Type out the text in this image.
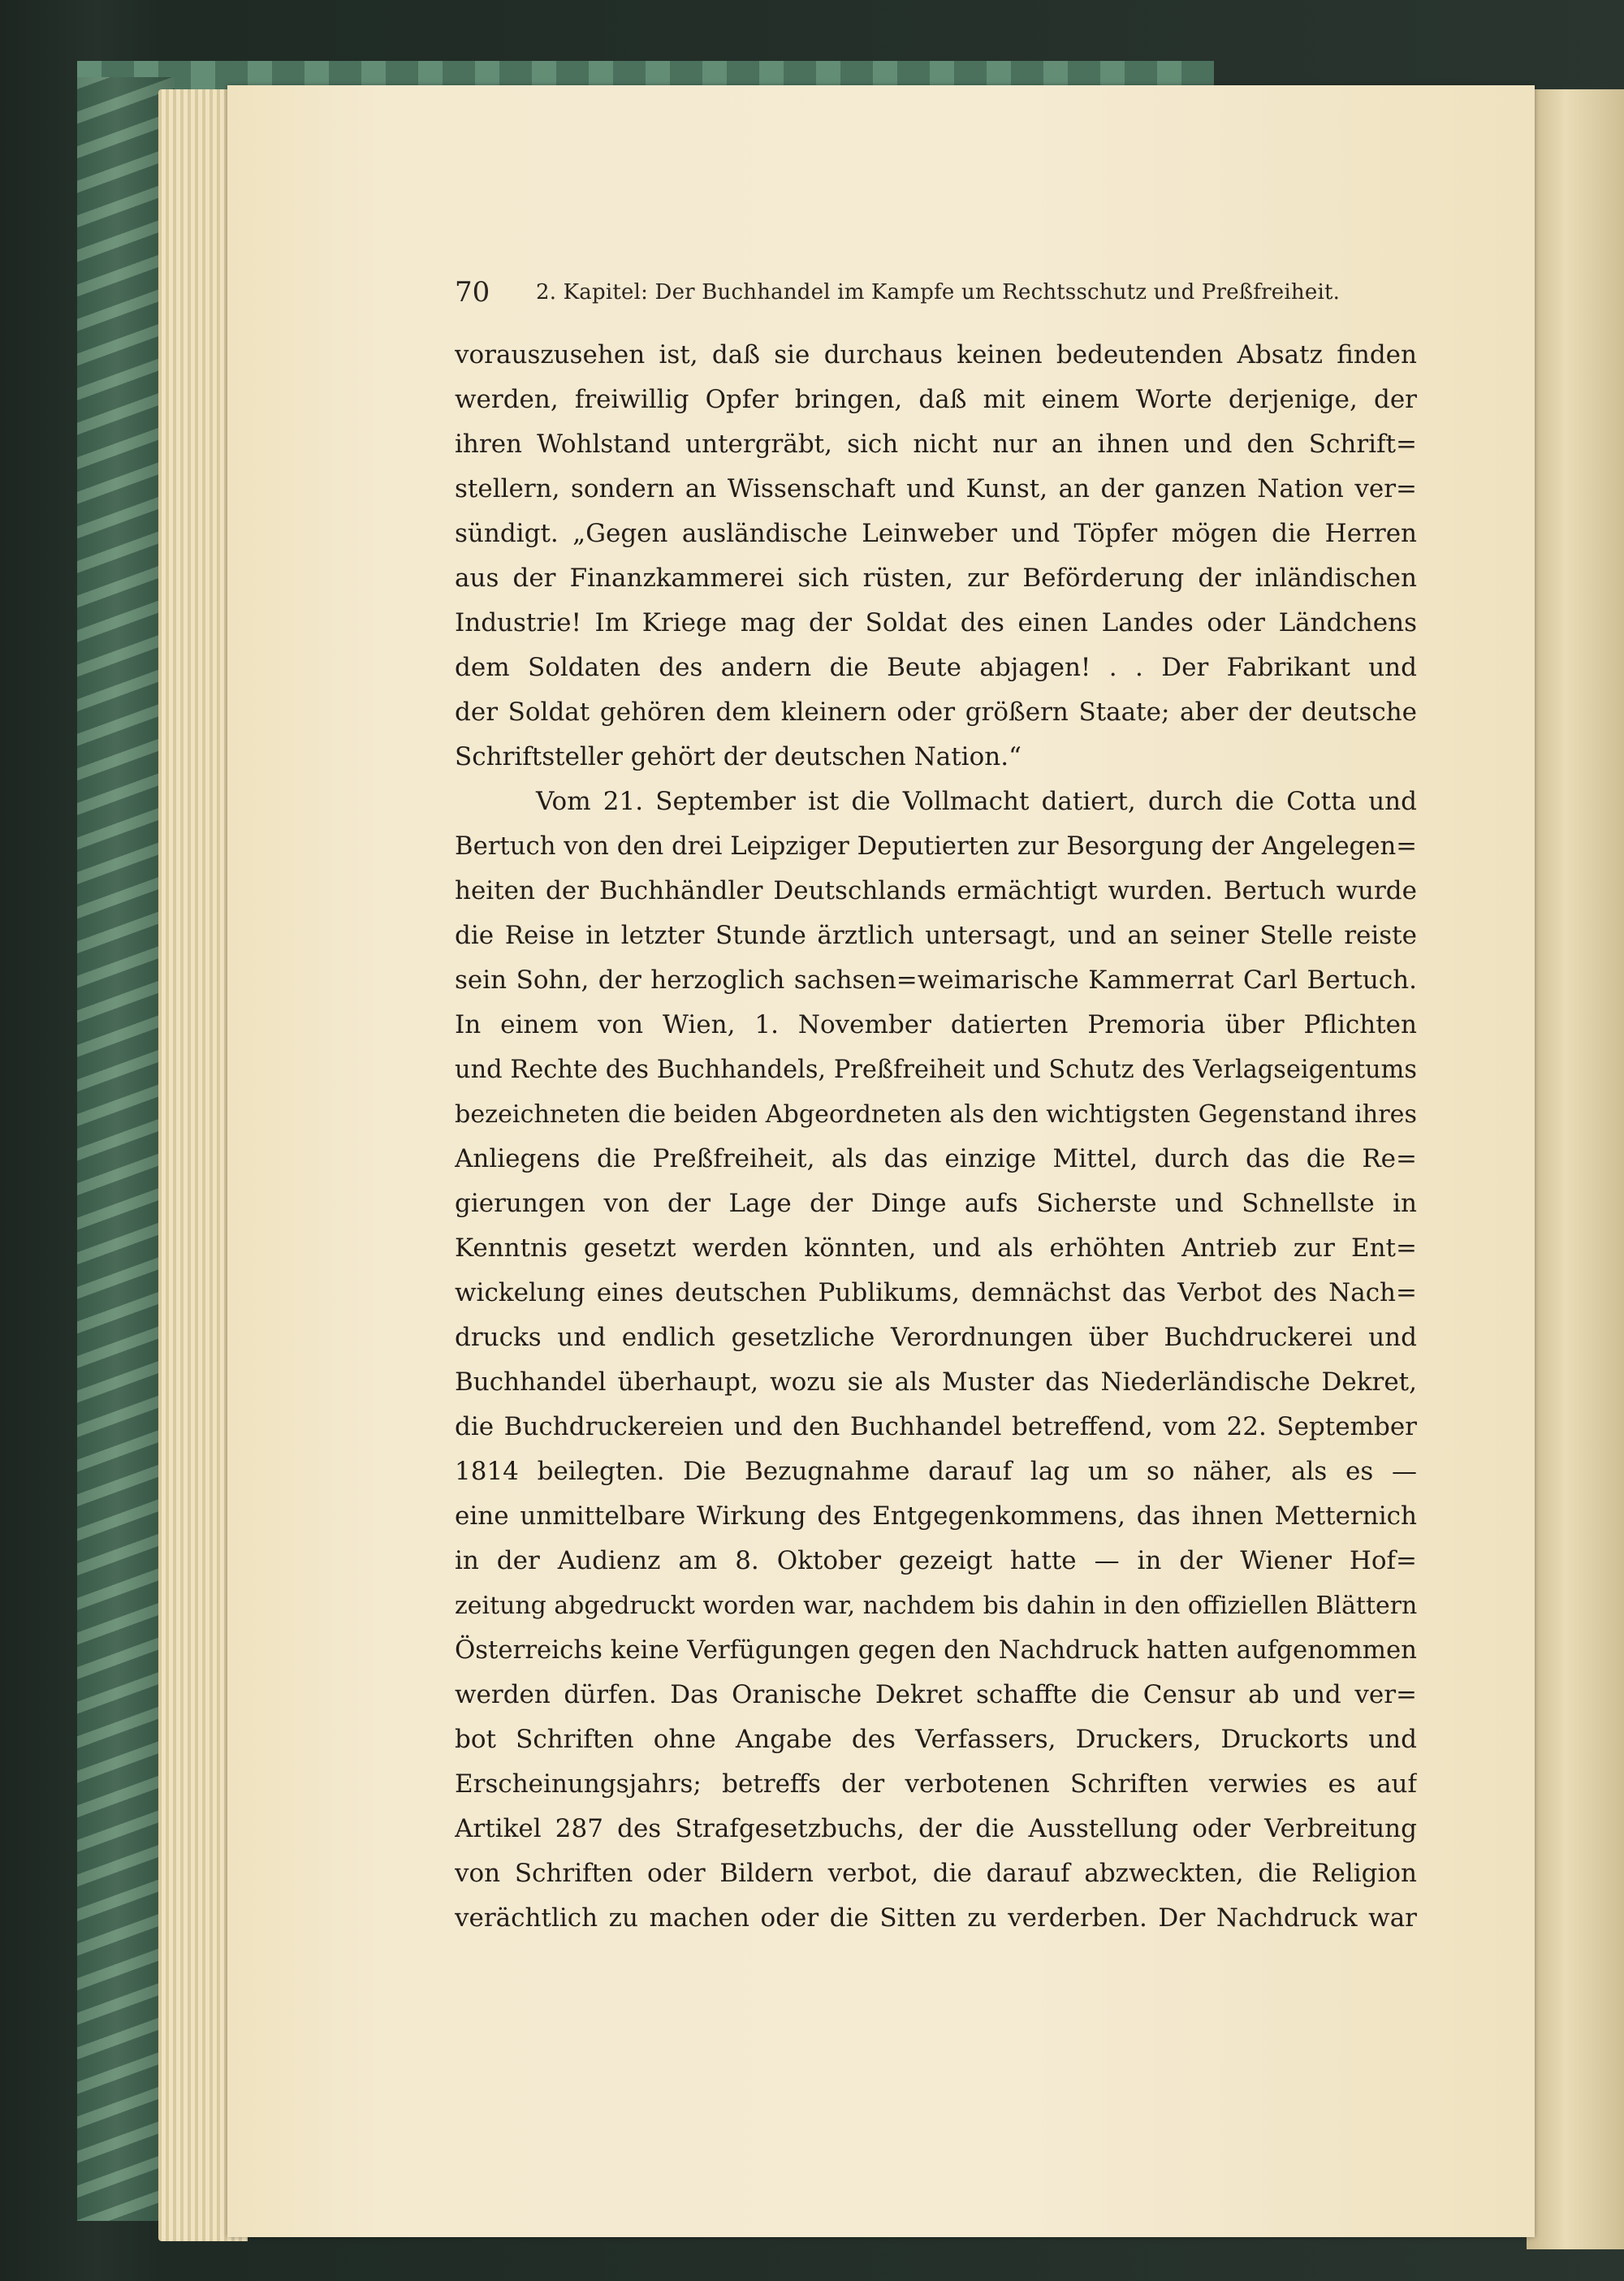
70 2. Kapitel: Der Buchhandel im Kampfe um Rechtsschutz und Preßfreiheit.
vorauszusehen ist, daß sie durchaus keinen bedeutenden Absatz finden
werden, freiwillig Opfer bringen, daß mit einem Worte derjenige, der
ihren Wohlstand untergräbt, sich nicht nur an ihnen und den Schrift=
stellern, sondern an Wissenschaft und Kunst, an der ganzen Nation ver=
sündigt. „Gegen ausländische Leinweber und Töpfer mögen die Herren
aus der Finanzkammerei sich rüsten, zur Beförderung der inländischen
Industrie! Im Kriege mag der Soldat des einen Landes oder Ländchens
dem Soldaten des andern die Beute abjagen! . . Der Fabrikant und
der Soldat gehören dem kleinern oder größern Staate; aber der deutsche
Schriftsteller gehört der deutschen Nation.“
Vom 21. September ist die Vollmacht datiert, durch die Cotta und
Bertuch von den drei Leipziger Deputierten zur Besorgung der Angelegen=
heiten der Buchhändler Deutschlands ermächtigt wurden. Bertuch wurde
die Reise in letzter Stunde ärztlich untersagt, und an seiner Stelle reiste
sein Sohn, der herzoglich sachsen=weimarische Kammerrat Carl Bertuch.
In einem von Wien, 1. November datierten Premoria über Pflichten
und Rechte des Buchhandels, Preßfreiheit und Schutz des Verlagseigentums
bezeichneten die beiden Abgeordneten als den wichtigsten Gegenstand ihres
Anliegens die Preßfreiheit, als das einzige Mittel, durch das die Re=
gierungen von der Lage der Dinge aufs Sicherste und Schnellste in
Kenntnis gesetzt werden könnten, und als erhöhten Antrieb zur Ent=
wickelung eines deutschen Publikums, demnächst das Verbot des Nach=
drucks und endlich gesetzliche Verordnungen über Buchdruckerei und
Buchhandel überhaupt, wozu sie als Muster das Niederländische Dekret,
die Buchdruckereien und den Buchhandel betreffend, vom 22. September
1814 beilegten. Die Bezugnahme darauf lag um so näher, als es —
eine unmittelbare Wirkung des Entgegenkommens, das ihnen Metternich
in der Audienz am 8. Oktober gezeigt hatte — in der Wiener Hof=
zeitung abgedruckt worden war, nachdem bis dahin in den offiziellen Blättern
Österreichs keine Verfügungen gegen den Nachdruck hatten aufgenommen
werden dürfen. Das Oranische Dekret schaffte die Censur ab und ver=
bot Schriften ohne Angabe des Verfassers, Druckers, Druckorts und
Erscheinungsjahrs; betreffs der verbotenen Schriften verwies es auf
Artikel 287 des Strafgesetzbuchs, der die Ausstellung oder Verbreitung
von Schriften oder Bildern verbot, die darauf abzweckten, die Religion
verächtlich zu machen oder die Sitten zu verderben. Der Nachdruck war
